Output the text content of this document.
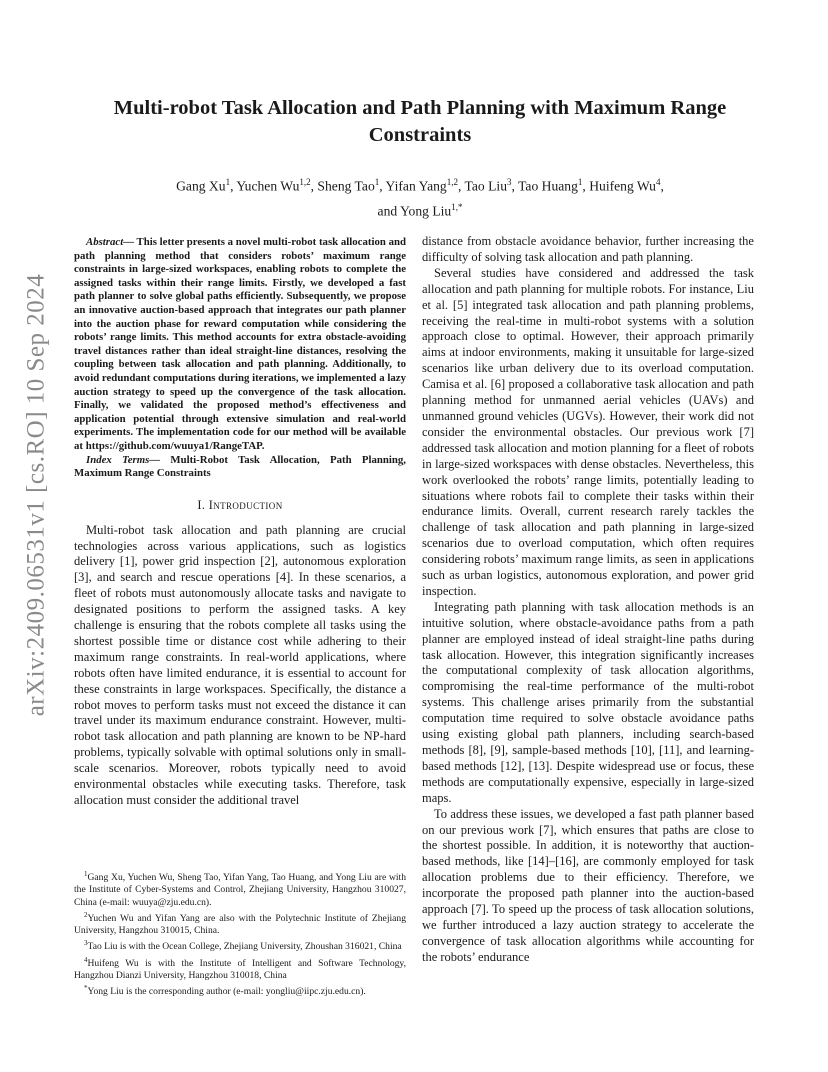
arXiv:2409.06531v1 [cs.RO] 10 Sep 2024
Multi-robot Task Allocation and Path Planning with Maximum Range Constraints
Gang Xu$^1$, Yuchen Wu$^{1,2}$, Sheng Tao$^1$, Yifan Yang$^{1,2}$, Tao Liu$^3$, Tao Huang$^1$, Huifeng Wu$^4$,
and Yong Liu$^{1,*}$

Abstract— This letter presents a novel multi-robot task allocation and path planning method that considers robots’ maximum range constraints in large-sized workspaces, enabling robots to complete the assigned tasks within their range limits. Firstly, we developed a fast path planner to solve global paths efficiently. Subsequently, we propose an innovative auction-based approach that integrates our path planner into the auction phase for reward computation while considering the robots’ range limits. This method accounts for extra obstacle-avoiding travel distances rather than ideal straight-line distances, resolving the coupling between task allocation and path planning. Additionally, to avoid redundant computations during iterations, we implemented a lazy auction strategy to speed up the convergence of the task allocation. Finally, we validated the proposed method’s effectiveness and application potential through extensive simulation and real-world experiments. The implementation code for our method will be available at https://github.com/wuuya1/RangeTAP.

Index Terms— Multi-Robot Task Allocation, Path Planning, Maximum Range Constraints

I. Introduction

Multi-robot task allocation and path planning are crucial technologies across various applications, such as logistics delivery [1], power grid inspection [2], autonomous exploration [3], and search and rescue operations [4]. In these scenarios, a fleet of robots must autonomously allocate tasks and navigate to designated positions to perform the assigned tasks. A key challenge is ensuring that the robots complete all tasks using the shortest possible time or distance cost while adhering to their maximum range constraints. In real-world applications, where robots often have limited endurance, it is essential to account for these constraints in large workspaces. Specifically, the distance a robot moves to perform tasks must not exceed the distance it can travel under its maximum endurance constraint. However, multi-robot task allocation and path planning are known to be NP-hard problems, typically solvable with optimal solutions only in small-scale scenarios. Moreover, robots typically need to avoid environmental obstacles while executing tasks. Therefore, task allocation must consider the additional travel

distance from obstacle avoidance behavior, further increasing the difficulty of solving task allocation and path planning.

Several studies have considered and addressed the task allocation and path planning for multiple robots. For instance, Liu et al. [5] integrated task allocation and path planning problems, receiving the real-time in multi-robot systems with a solution approach close to optimal. However, their approach primarily aims at indoor environments, making it unsuitable for large-sized scenarios like urban delivery due to its overload computation. Camisa et al. [6] proposed a collaborative task allocation and path planning method for unmanned aerial vehicles (UAVs) and unmanned ground vehicles (UGVs). However, their work did not consider the environmental obstacles. Our previous work [7] addressed task allocation and motion planning for a fleet of robots in large-sized workspaces with dense obstacles. Nevertheless, this work overlooked the robots’ range limits, potentially leading to situations where robots fail to complete their tasks within their endurance limits. Overall, current research rarely tackles the challenge of task allocation and path planning in large-sized scenarios due to overload computation, which often requires considering robots’ maximum range limits, as seen in applications such as urban logistics, autonomous exploration, and power grid inspection.

Integrating path planning with task allocation methods is an intuitive solution, where obstacle-avoidance paths from a path planner are employed instead of ideal straight-line paths during task allocation. However, this integration significantly increases the computational complexity of task allocation algorithms, compromising the real-time performance of the multi-robot systems. This challenge arises primarily from the substantial computation time required to solve obstacle avoidance paths using existing global path planners, including search-based methods [8], [9], sample-based methods [10], [11], and learning-based methods [12], [13]. Despite widespread use or focus, these methods are computationally expensive, especially in large-sized maps.

To address these issues, we developed a fast path planner based on our previous work [7], which ensures that paths are close to the shortest possible. In addition, it is noteworthy that auction-based methods, like [14]–[16], are commonly employed for task allocation problems due to their efficiency. Therefore, we incorporate the proposed path planner into the auction-based approach [7]. To speed up the process of task allocation solutions, we further introduced a lazy auction strategy to accelerate the convergence of task allocation algorithms while accounting for the robots’ endurance

$^1$Gang Xu, Yuchen Wu, Sheng Tao, Yifan Yang, Tao Huang, and Yong Liu are with the Institute of Cyber-Systems and Control, Zhejiang University, Hangzhou 310027, China (e-mail: wuuya@zju.edu.cn).

$^2$Yuchen Wu and Yifan Yang are also with the Polytechnic Institute of Zhejiang University, Hangzhou 310015, China.

$^3$Tao Liu is with the Ocean College, Zhejiang University, Zhoushan 316021, China

$^4$Huifeng Wu is with the Institute of Intelligent and Software Technology, Hangzhou Dianzi University, Hangzhou 310018, China

*Yong Liu is the corresponding author (e-mail: yongliu@iipc.zju.edu.cn).
